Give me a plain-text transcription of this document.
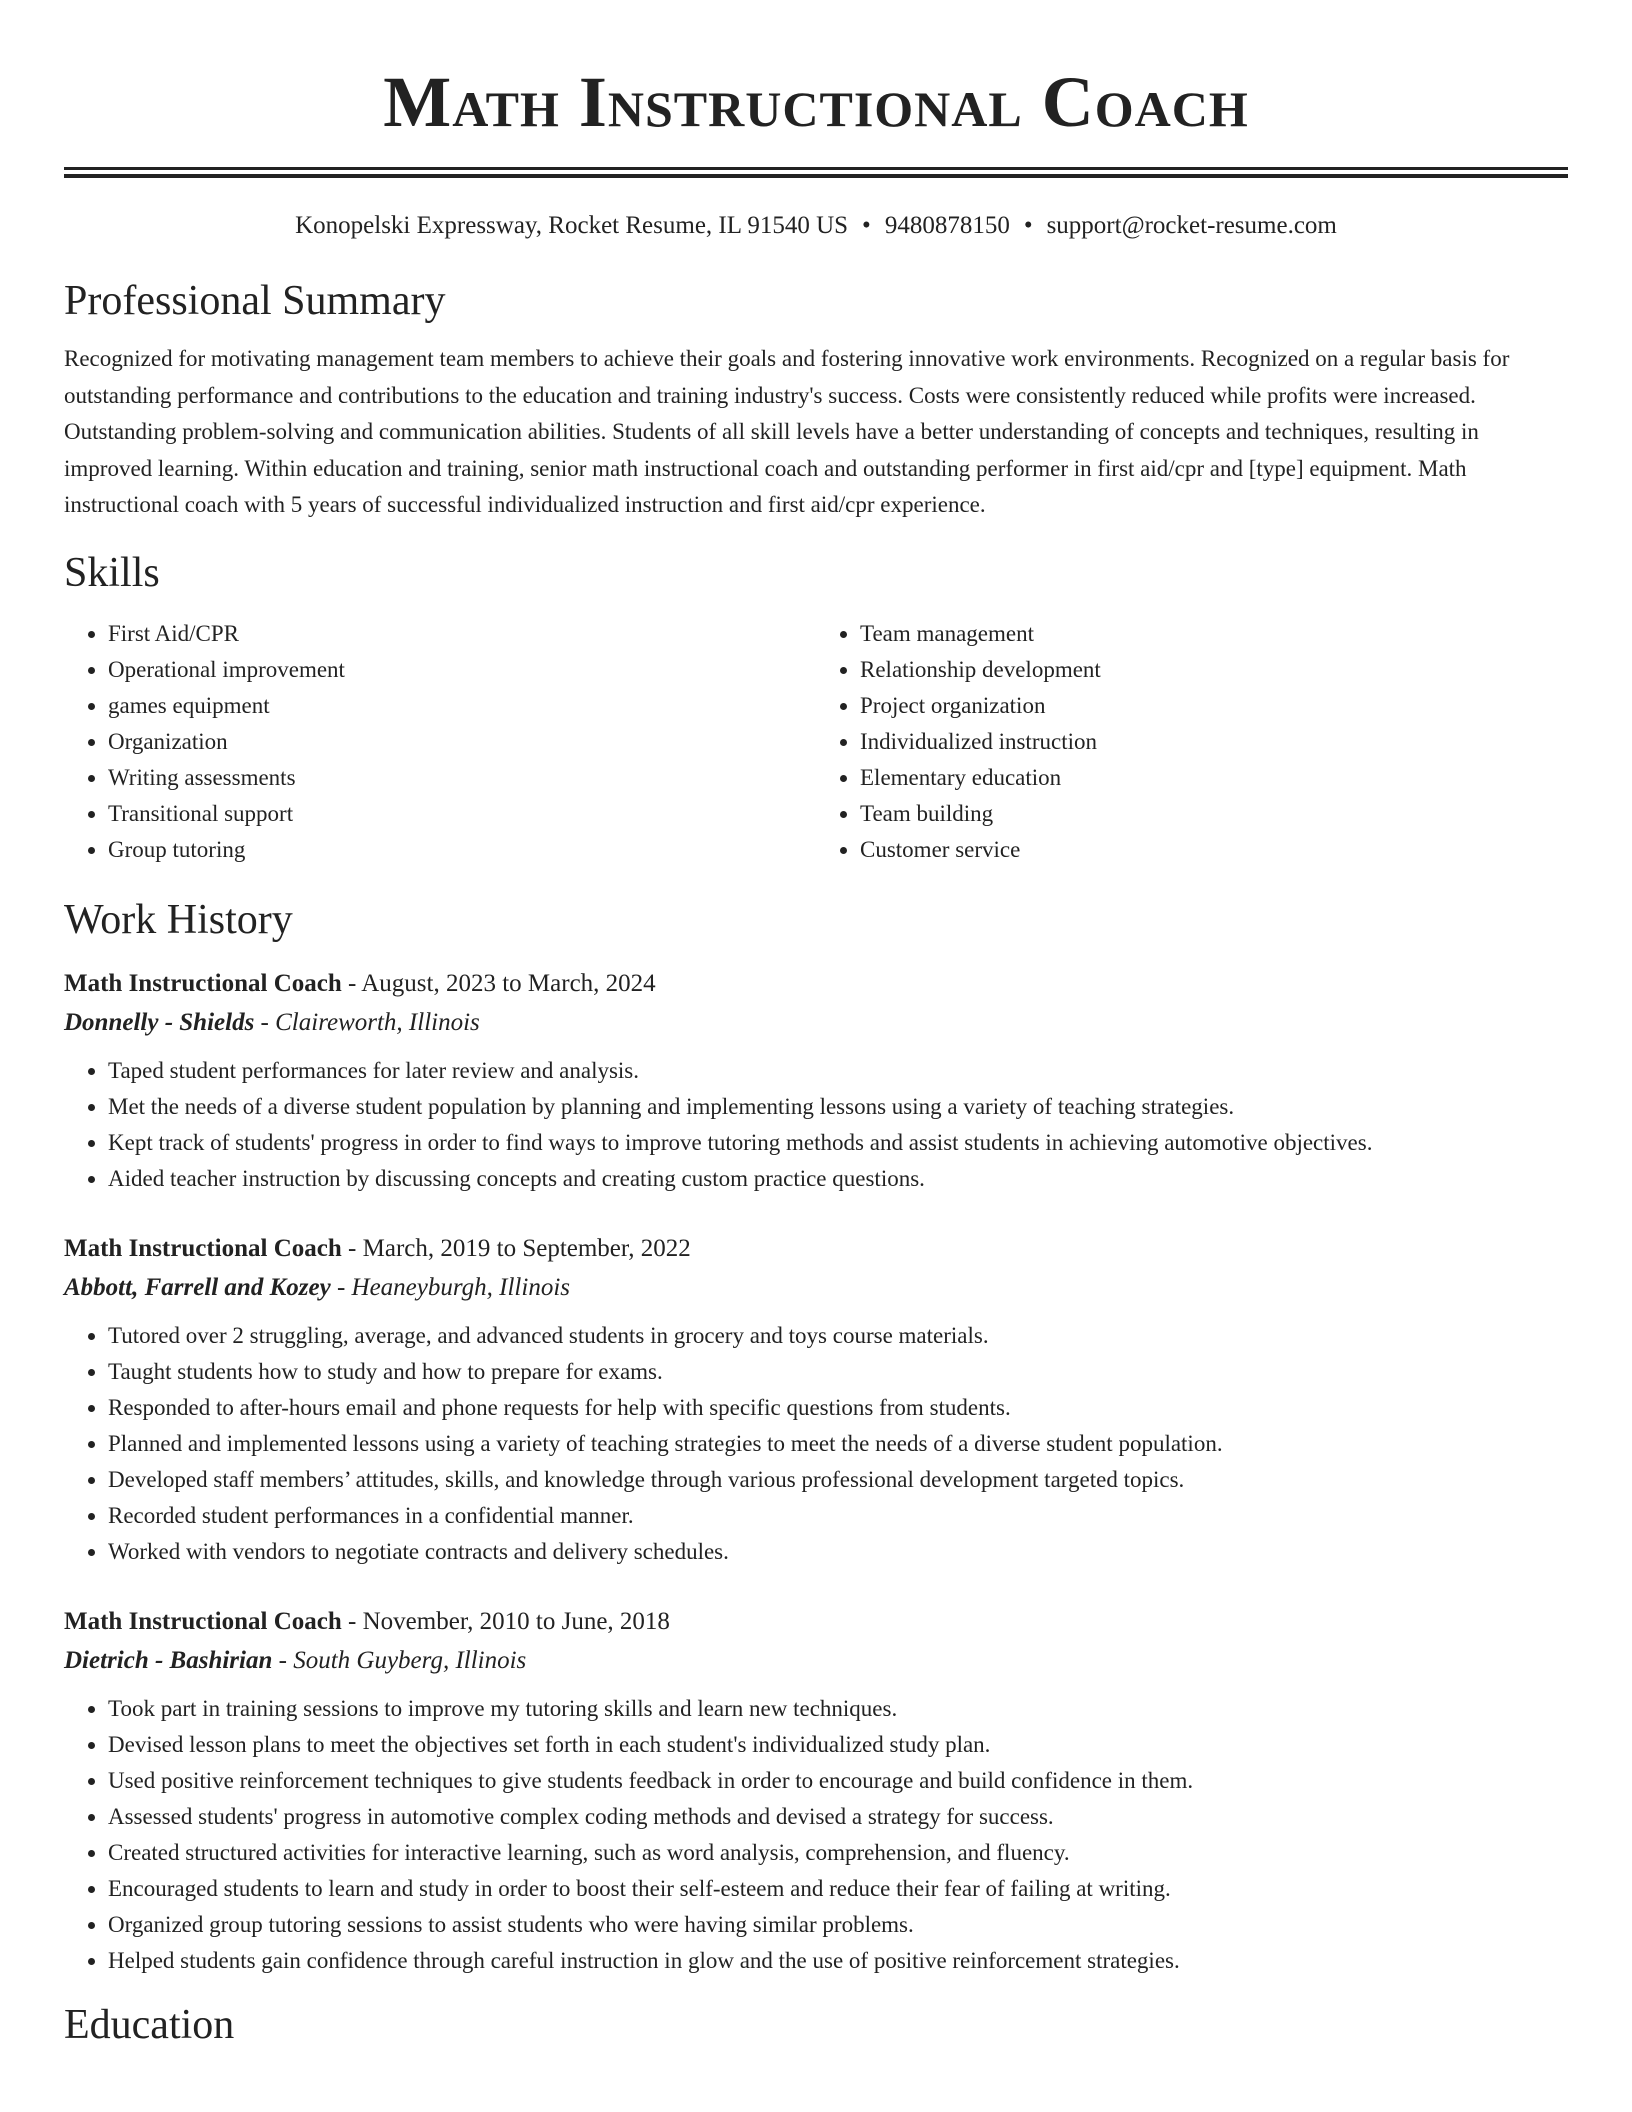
Math Instructional Coach
Konopelski Expressway, Rocket Resume, IL 91540 US • 9480878150 • support@rocket-resume.com
Professional Summary

Recognized for motivating management team members to achieve their goals and fostering innovative work environments. Recognized on a regular basis for outstanding performance and contributions to the education and training industry's success. Costs were consistently reduced while profits were increased. Outstanding problem-solving and communication abilities. Students of all skill levels have a better understanding of concepts and techniques, resulting in improved learning. Within education and training, senior math instructional coach and outstanding performer in first aid/cpr and [type] equipment. Math instructional coach with 5 years of successful individualized instruction and first aid/cpr experience.

Skills
• First Aid/CPR
• Operational improvement
• games equipment
• Organization
• Writing assessments
• Transitional support
• Group tutoring
• Team management
• Relationship development
• Project organization
• Individualized instruction
• Elementary education
• Team building
• Customer service
Work History
Math Instructional Coach - August, 2023 to March, 2024
Donnelly - Shields - Claireworth, Illinois
• Taped student performances for later review and analysis.
• Met the needs of a diverse student population by planning and implementing lessons using a variety of teaching strategies.
• Kept track of students' progress in order to find ways to improve tutoring methods and assist students in achieving automotive objectives.
• Aided teacher instruction by discussing concepts and creating custom practice questions.
Math Instructional Coach - March, 2019 to September, 2022
Abbott, Farrell and Kozey - Heaneyburgh, Illinois
• Tutored over 2 struggling, average, and advanced students in grocery and toys course materials.
• Taught students how to study and how to prepare for exams.
• Responded to after-hours email and phone requests for help with specific questions from students.
• Planned and implemented lessons using a variety of teaching strategies to meet the needs of a diverse student population.
• Developed staff members’ attitudes, skills, and knowledge through various professional development targeted topics.
• Recorded student performances in a confidential manner.
• Worked with vendors to negotiate contracts and delivery schedules.
Math Instructional Coach - November, 2010 to June, 2018
Dietrich - Bashirian - South Guyberg, Illinois
• Took part in training sessions to improve my tutoring skills and learn new techniques.
• Devised lesson plans to meet the objectives set forth in each student's individualized study plan.
• Used positive reinforcement techniques to give students feedback in order to encourage and build confidence in them.
• Assessed students' progress in automotive complex coding methods and devised a strategy for success.
• Created structured activities for interactive learning, such as word analysis, comprehension, and fluency.
• Encouraged students to learn and study in order to boost their self-esteem and reduce their fear of failing at writing.
• Organized group tutoring sessions to assist students who were having similar problems.
• Helped students gain confidence through careful instruction in glow and the use of positive reinforcement strategies.
Education
